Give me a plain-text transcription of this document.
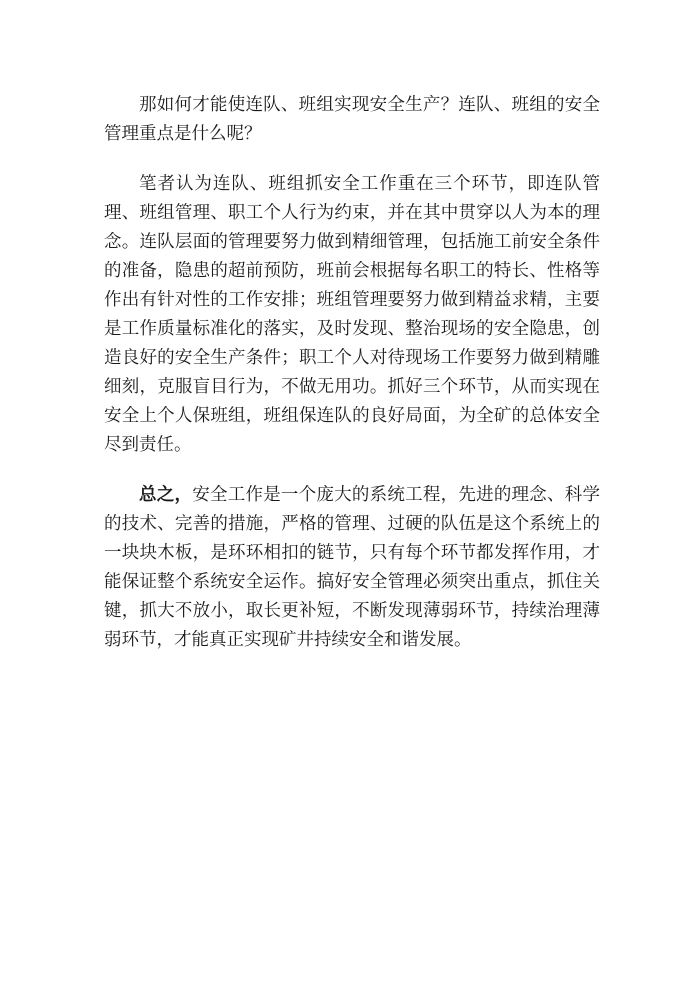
那如何才能使连队、班组实现安全生产？连队、班组的安全管理重点是什么呢？

笔者认为连队、班组抓安全工作重在三个环节，即连队管理、班组管理、职工个人行为约束，并在其中贯穿以人为本的理念。连队层面的管理要努力做到精细管理，包括施工前安全条件的准备，隐患的超前预防，班前会根据每名职工的特长、性格等作出有针对性的工作安排；班组管理要努力做到精益求精，主要是工作质量标准化的落实，及时发现、整治现场的安全隐患，创造良好的安全生产条件；职工个人对待现场工作要努力做到精雕细刻，克服盲目行为，不做无用功。抓好三个环节，从而实现在安全上个人保班组，班组保连队的良好局面，为全矿的总体安全尽到责任。

总之，安全工作是一个庞大的系统工程，先进的理念、科学的技术、完善的措施，严格的管理、过硬的队伍是这个系统上的一块块木板，是环环相扣的链节，只有每个环节都发挥作用，才能保证整个系统安全运作。搞好安全管理必须突出重点，抓住关键，抓大不放小，取长更补短，不断发现薄弱环节，持续治理薄弱环节，才能真正实现矿井持续安全和谐发展。
